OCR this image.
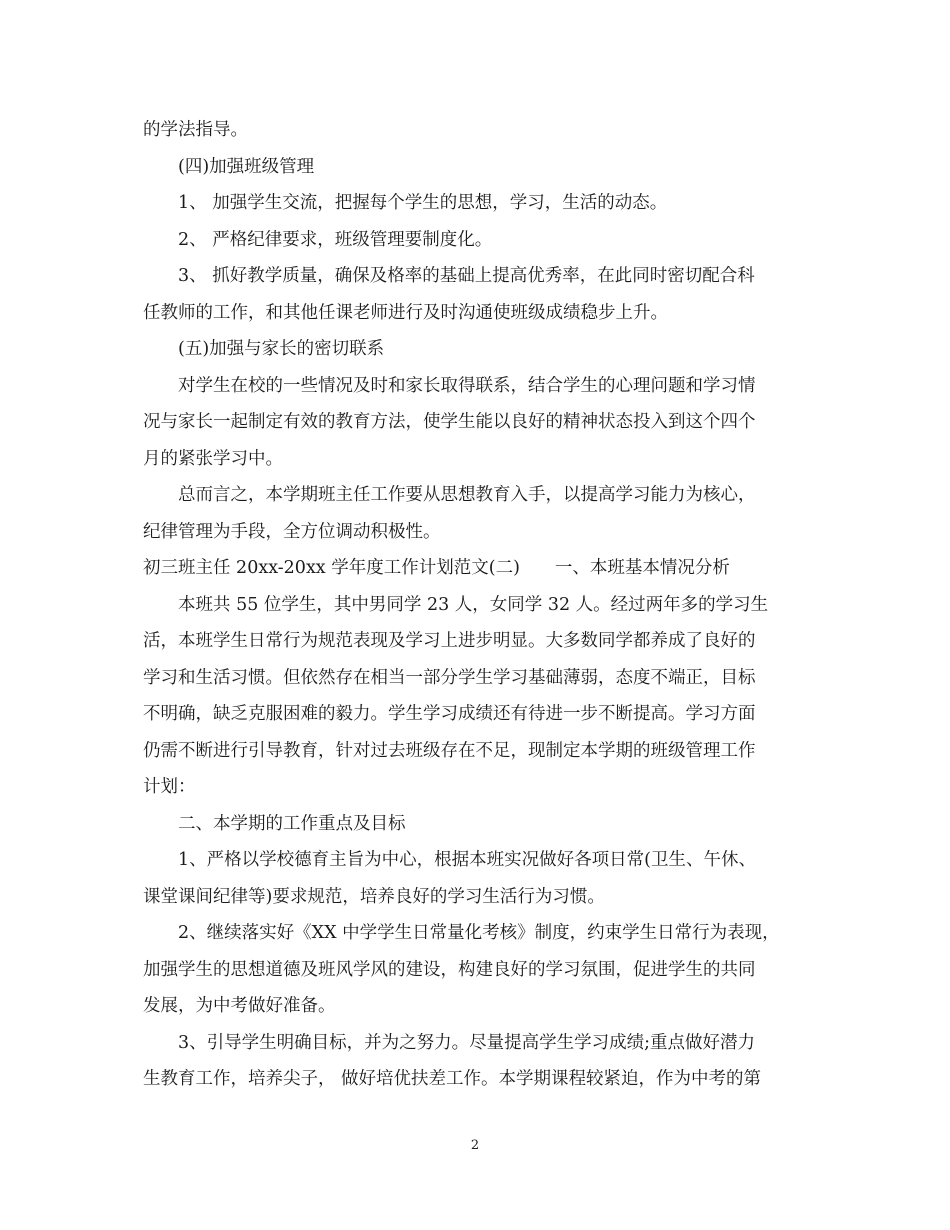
的学法指导。
(四)加强班级管理
1、 加强学生交流，把握每个学生的思想，学习，生活的动态。
2、 严格纪律要求，班级管理要制度化。
3、 抓好教学质量，确保及格率的基础上提高优秀率，在此同时密切配合科
任教师的工作，和其他任课老师进行及时沟通使班级成绩稳步上升。
(五)加强与家长的密切联系
对学生在校的一些情况及时和家长取得联系，结合学生的心理问题和学习情
况与家长一起制定有效的教育方法，使学生能以良好的精神状态投入到这个四个
月的紧张学习中。
总而言之，本学期班主任工作要从思想教育入手，以提高学习能力为核心，
纪律管理为手段，全方位调动积极性。
初三班主任 20xx-20xx 学年度工作计划范文(二)　　一、本班基本情况分析
本班共 55 位学生，其中男同学 23 人，女同学 32 人。经过两年多的学习生
活，本班学生日常行为规范表现及学习上进步明显。大多数同学都养成了良好的
学习和生活习惯。但依然存在相当一部分学生学习基础薄弱，态度不端正，目标
不明确，缺乏克服困难的毅力。学生学习成绩还有待进一步不断提高。学习方面
仍需不断进行引导教育，针对过去班级存在不足，现制定本学期的班级管理工作
计划：
二、本学期的工作重点及目标
1、严格以学校德育主旨为中心，根据本班实况做好各项日常(卫生、午休、
课堂课间纪律等)要求规范，培养良好的学习生活行为习惯。
2、继续落实好《XX 中学学生日常量化考核》制度，约束学生日常行为表现，
加强学生的思想道德及班风学风的建设，构建良好的学习氛围，促进学生的共同
发展，为中考做好准备。
3、引导学生明确目标，并为之努力。尽量提高学生学习成绩;重点做好潜力
生教育工作，培养尖子， 做好培优扶差工作。本学期课程较紧迫，作为中考的第
2
